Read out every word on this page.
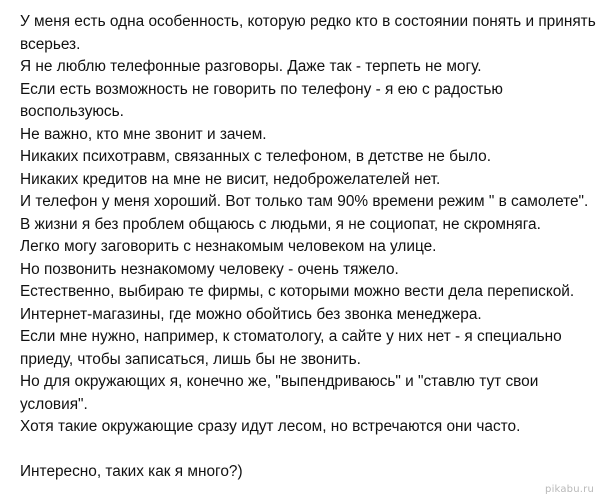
У меня есть одна особенность, которую редко кто в состоянии понять и принять

всерьез.

Я не люблю телефонные разговоры. Даже так - терпеть не могу.

Если есть возможность не говорить по телефону - я ею с радостью

воспользуюсь.

Не важно, кто мне звонит и зачем.

Никаких психотравм, связанных с телефоном, в детстве не было.

Никаких кредитов на мне не висит, недоброжелателей нет.

И телефон у меня хороший. Вот только там 90% времени режим " в самолете".

В жизни я без проблем общаюсь с людьми, я не социопат, не скромняга.

Легко могу заговорить с незнакомым человеком на улице.

Но позвонить незнакомому человеку - очень тяжело.

Естественно, выбираю те фирмы, с которыми можно вести дела перепиской.

Интернет-магазины, где можно обойтись без звонка менеджера.

Если мне нужно, например, к стоматологу, а сайте у них нет - я специально

приеду, чтобы записаться, лишь бы не звонить.

Но для окружающих я, конечно же, "выпендриваюсь" и "ставлю тут свои

условия".

Хотя такие окружающие сразу идут лесом, но встречаются они часто.

Интересно, таких как я много?)

pikabu.ru
